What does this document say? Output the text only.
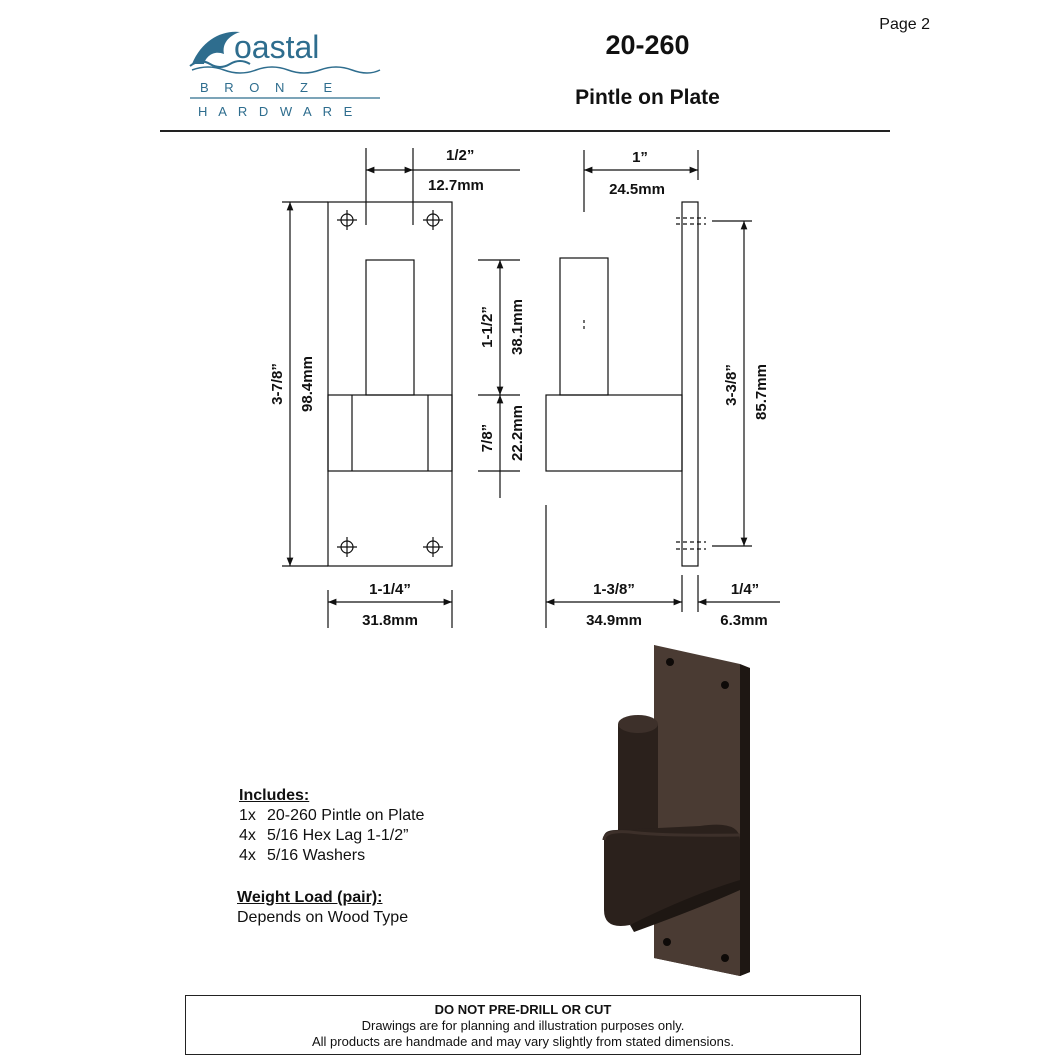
Page 2
oastal
B R O N Z E
H A R D W A R E
20-260
Pintle on Plate
1/2”
12.7mm
3-7/8” 98.4mm
1-1/2” 38.1mm
7/8” 22.2mm
1-1/4”
31.8mm
1”
24.5mm
3-3/8” 85.7mm
1-3/8”
34.9mm
1/4”
6.3mm
Includes:
1x 20-260 Pintle on Plate
4x 5/16 Hex Lag 1-1/2”
4x 5/16 Washers
Weight Load (pair):
Depends on Wood Type
DO NOT PRE-DRILL OR CUT
Drawings are for planning and illustration purposes only.
All products are handmade and may vary slightly from stated dimensions.
